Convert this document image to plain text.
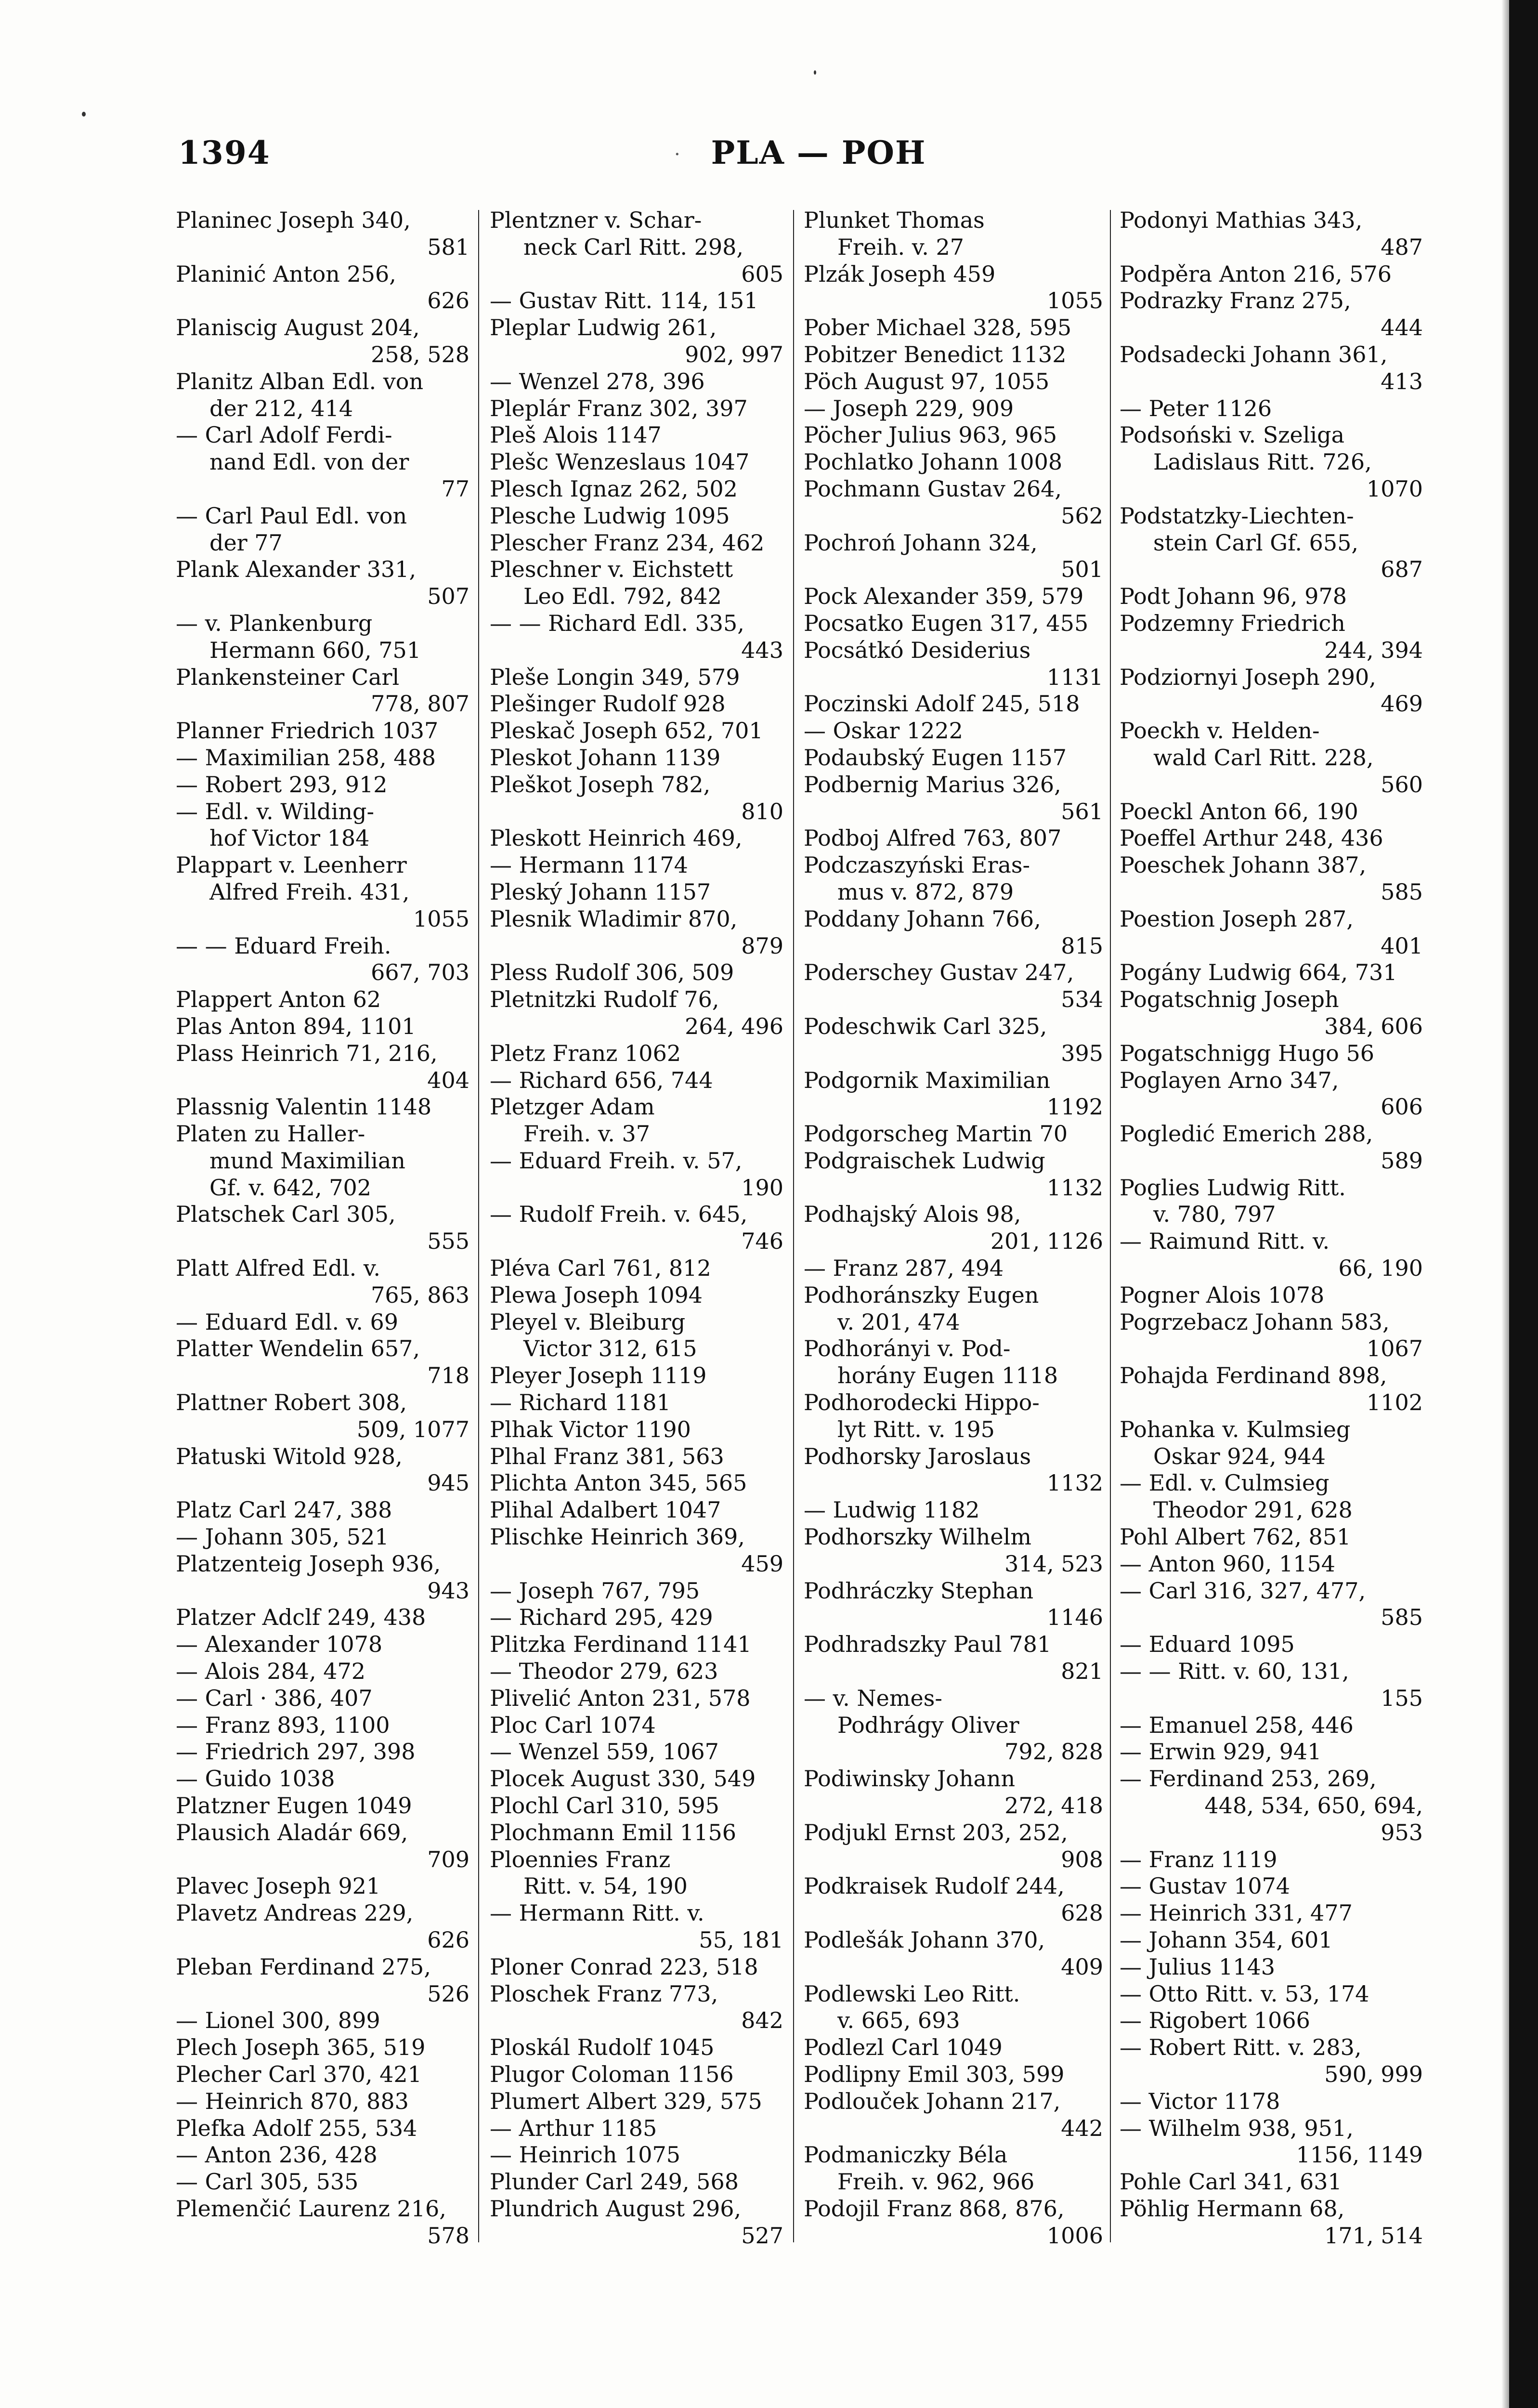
1394	· PLA — POH
Planinec Joseph 340,
581
Planinić Anton 256,
626
Planiscig August 204,
258, 528
Planitz Alban Edl. von
der 212, 414
— Carl Adolf Ferdi-
nand Edl. von der
77
— Carl Paul Edl. von
der 77
Plank Alexander 331,
507
— v. Plankenburg
Hermann 660, 751
Plankensteiner Carl
778, 807
Planner Friedrich 1037
— Maximilian 258, 488
— Robert 293, 912
— Edl. v. Wilding-
hof Victor 184
Plappart v. Leenherr
Alfred Freih. 431,
1055
— — Eduard Freih.
667, 703
Plappert Anton 62
Plas Anton 894, 1101
Plass Heinrich 71, 216,
404
Plassnig Valentin 1148
Platen zu Haller-
mund Maximilian
Gf. v. 642, 702
Platschek Carl 305,
555
Platt Alfred Edl. v.
765, 863
— Eduard Edl. v. 69
Platter Wendelin 657,
718
Plattner Robert 308,
509, 1077
Płatuski Witold 928,
945
Platz Carl 247, 388
— Johann 305, 521
Platzenteig Joseph 936,
943
Platzer Adclf 249, 438
— Alexander 1078
— Alois 284, 472
— Carl · 386, 407
— Franz 893, 1100
— Friedrich 297, 398
— Guido 1038
Platzner Eugen 1049
Plausich Aladár 669,
709
Plavec Joseph 921
Plavetz Andreas 229,
626
Pleban Ferdinand 275,
526
— Lionel 300, 899
Plech Joseph 365, 519
Plecher Carl 370, 421
— Heinrich 870, 883
Plefka Adolf 255, 534
— Anton 236, 428
— Carl 305, 535
Plemenčić Laurenz 216,
578
Plentzner v. Schar-
neck Carl Ritt. 298,
605
— Gustav Ritt. 114, 151
Pleplar Ludwig 261,
902, 997
— Wenzel 278, 396
Pleplár Franz 302, 397
Pleš Alois 1147
Plešc Wenzeslaus 1047
Plesch Ignaz 262, 502
Plesche Ludwig 1095
Plescher Franz 234, 462
Pleschner v. Eichstett
Leo Edl. 792, 842
— — Richard Edl. 335,
443
Pleše Longin 349, 579
Plešinger Rudolf 928
Pleskač Joseph 652, 701
Pleskot Johann 1139
Pleškot Joseph 782,
810
Pleskott Heinrich 469,
— Hermann 1174
Pleský Johann 1157
Plesnik Wladimir 870,
879
Pless Rudolf 306, 509
Pletnitzki Rudolf 76,
264, 496
Pletz Franz 1062
— Richard 656, 744
Pletzger Adam
Freih. v. 37
— Eduard Freih. v. 57,
190
— Rudolf Freih. v. 645,
746
Pléva Carl 761, 812
Plewa Joseph 1094
Pleyel v. Bleiburg
Victor 312, 615
Pleyer Joseph 1119
— Richard 1181
Plhak Victor 1190
Plhal Franz 381, 563
Plichta Anton 345, 565
Plihal Adalbert 1047
Plischke Heinrich 369,
459
— Joseph 767, 795
— Richard 295, 429
Plitzka Ferdinand 1141
— Theodor 279, 623
Plivelić Anton 231, 578
Ploc Carl 1074
— Wenzel 559, 1067
Plocek August 330, 549
Plochl Carl 310, 595
Plochmann Emil 1156
Ploennies Franz
Ritt. v. 54, 190
— Hermann Ritt. v.
55, 181
Ploner Conrad 223, 518
Ploschek Franz 773,
842
Ploskál Rudolf 1045
Plugor Coloman 1156
Plumert Albert 329, 575
— Arthur 1185
— Heinrich 1075
Plunder Carl 249, 568
Plundrich August 296,
527
Plunket Thomas
Freih. v. 27
Plzák Joseph 459
1055
Pober Michael 328, 595
Pobitzer Benedict 1132
Pöch August 97, 1055
— Joseph 229, 909
Pöcher Julius 963, 965
Pochlatko Johann 1008
Pochmann Gustav 264,
562
Pochroń Johann 324,
501
Pock Alexander 359, 579
Pocsatko Eugen 317, 455
Pocsátkó Desiderius
1131
Poczinski Adolf 245, 518
— Oskar 1222
Podaubský Eugen 1157
Podbernig Marius 326,
561
Podboj Alfred 763, 807
Podczaszyński Eras-
mus v. 872, 879
Poddany Johann 766,
815
Poderschey Gustav 247,
534
Podeschwik Carl 325,
395
Podgornik Maximilian
1192
Podgorscheg Martin 70
Podgraischek Ludwig
1132
Podhajský Alois 98,
201, 1126
— Franz 287, 494
Podhoránszky Eugen
v. 201, 474
Podhorányi v. Pod-
horány Eugen 1118
Podhorodecki Hippo-
lyt Ritt. v. 195
Podhorsky Jaroslaus
1132
— Ludwig 1182
Podhorszky Wilhelm
314, 523
Podhráczky Stephan
1146
Podhradszky Paul 781
821
— v. Nemes-
Podhrágy Oliver
792, 828
Podiwinsky Johann
272, 418
Podjukl Ernst 203, 252,
908
Podkraisek Rudolf 244,
628
Podlešák Johann 370,
409
Podlewski Leo Ritt.
v. 665, 693
Podlezl Carl 1049
Podlipny Emil 303, 599
Podlouček Johann 217,
442
Podmaniczky Béla
Freih. v. 962, 966
Podojil Franz 868, 876,
1006
Podonyi Mathias 343,
487
Podpěra Anton 216, 576
Podrazky Franz 275,
444
Podsadecki Johann 361,
413
— Peter 1126
Podsoński v. Szeliga
Ladislaus Ritt. 726,
1070
Podstatzky-Liechten-
stein Carl Gf. 655,
687
Podt Johann 96, 978
Podzemny Friedrich
244, 394
Podziornyi Joseph 290,
469
Poeckh v. Helden-
wald Carl Ritt. 228,
560
Poeckl Anton 66, 190
Poeffel Arthur 248, 436
Poeschek Johann 387,
585
Poestion Joseph 287,
401
Pogány Ludwig 664, 731
Pogatschnig Joseph
384, 606
Pogatschnigg Hugo 56
Poglayen Arno 347,
606
Pogledić Emerich 288,
589
Poglies Ludwig Ritt.
v. 780, 797
— Raimund Ritt. v.
66, 190
Pogner Alois 1078
Pogrzebacz Johann 583,
1067
Pohajda Ferdinand 898,
1102
Pohanka v. Kulmsieg
Oskar 924, 944
— Edl. v. Culmsieg
Theodor 291, 628
Pohl Albert 762, 851
— Anton 960, 1154
— Carl 316, 327, 477,
585
— Eduard 1095
— — Ritt. v. 60, 131,
155
— Emanuel 258, 446
— Erwin 929, 941
— Ferdinand 253, 269,
448, 534, 650, 694,
953
— Franz 1119
— Gustav 1074
— Heinrich 331, 477
— Johann 354, 601
— Julius 1143
— Otto Ritt. v. 53, 174
— Rigobert 1066
— Robert Ritt. v. 283,
590, 999
— Victor 1178
— Wilhelm 938, 951,
1156, 1149
Pohle Carl 341, 631
Pöhlig Hermann 68,
171, 514
